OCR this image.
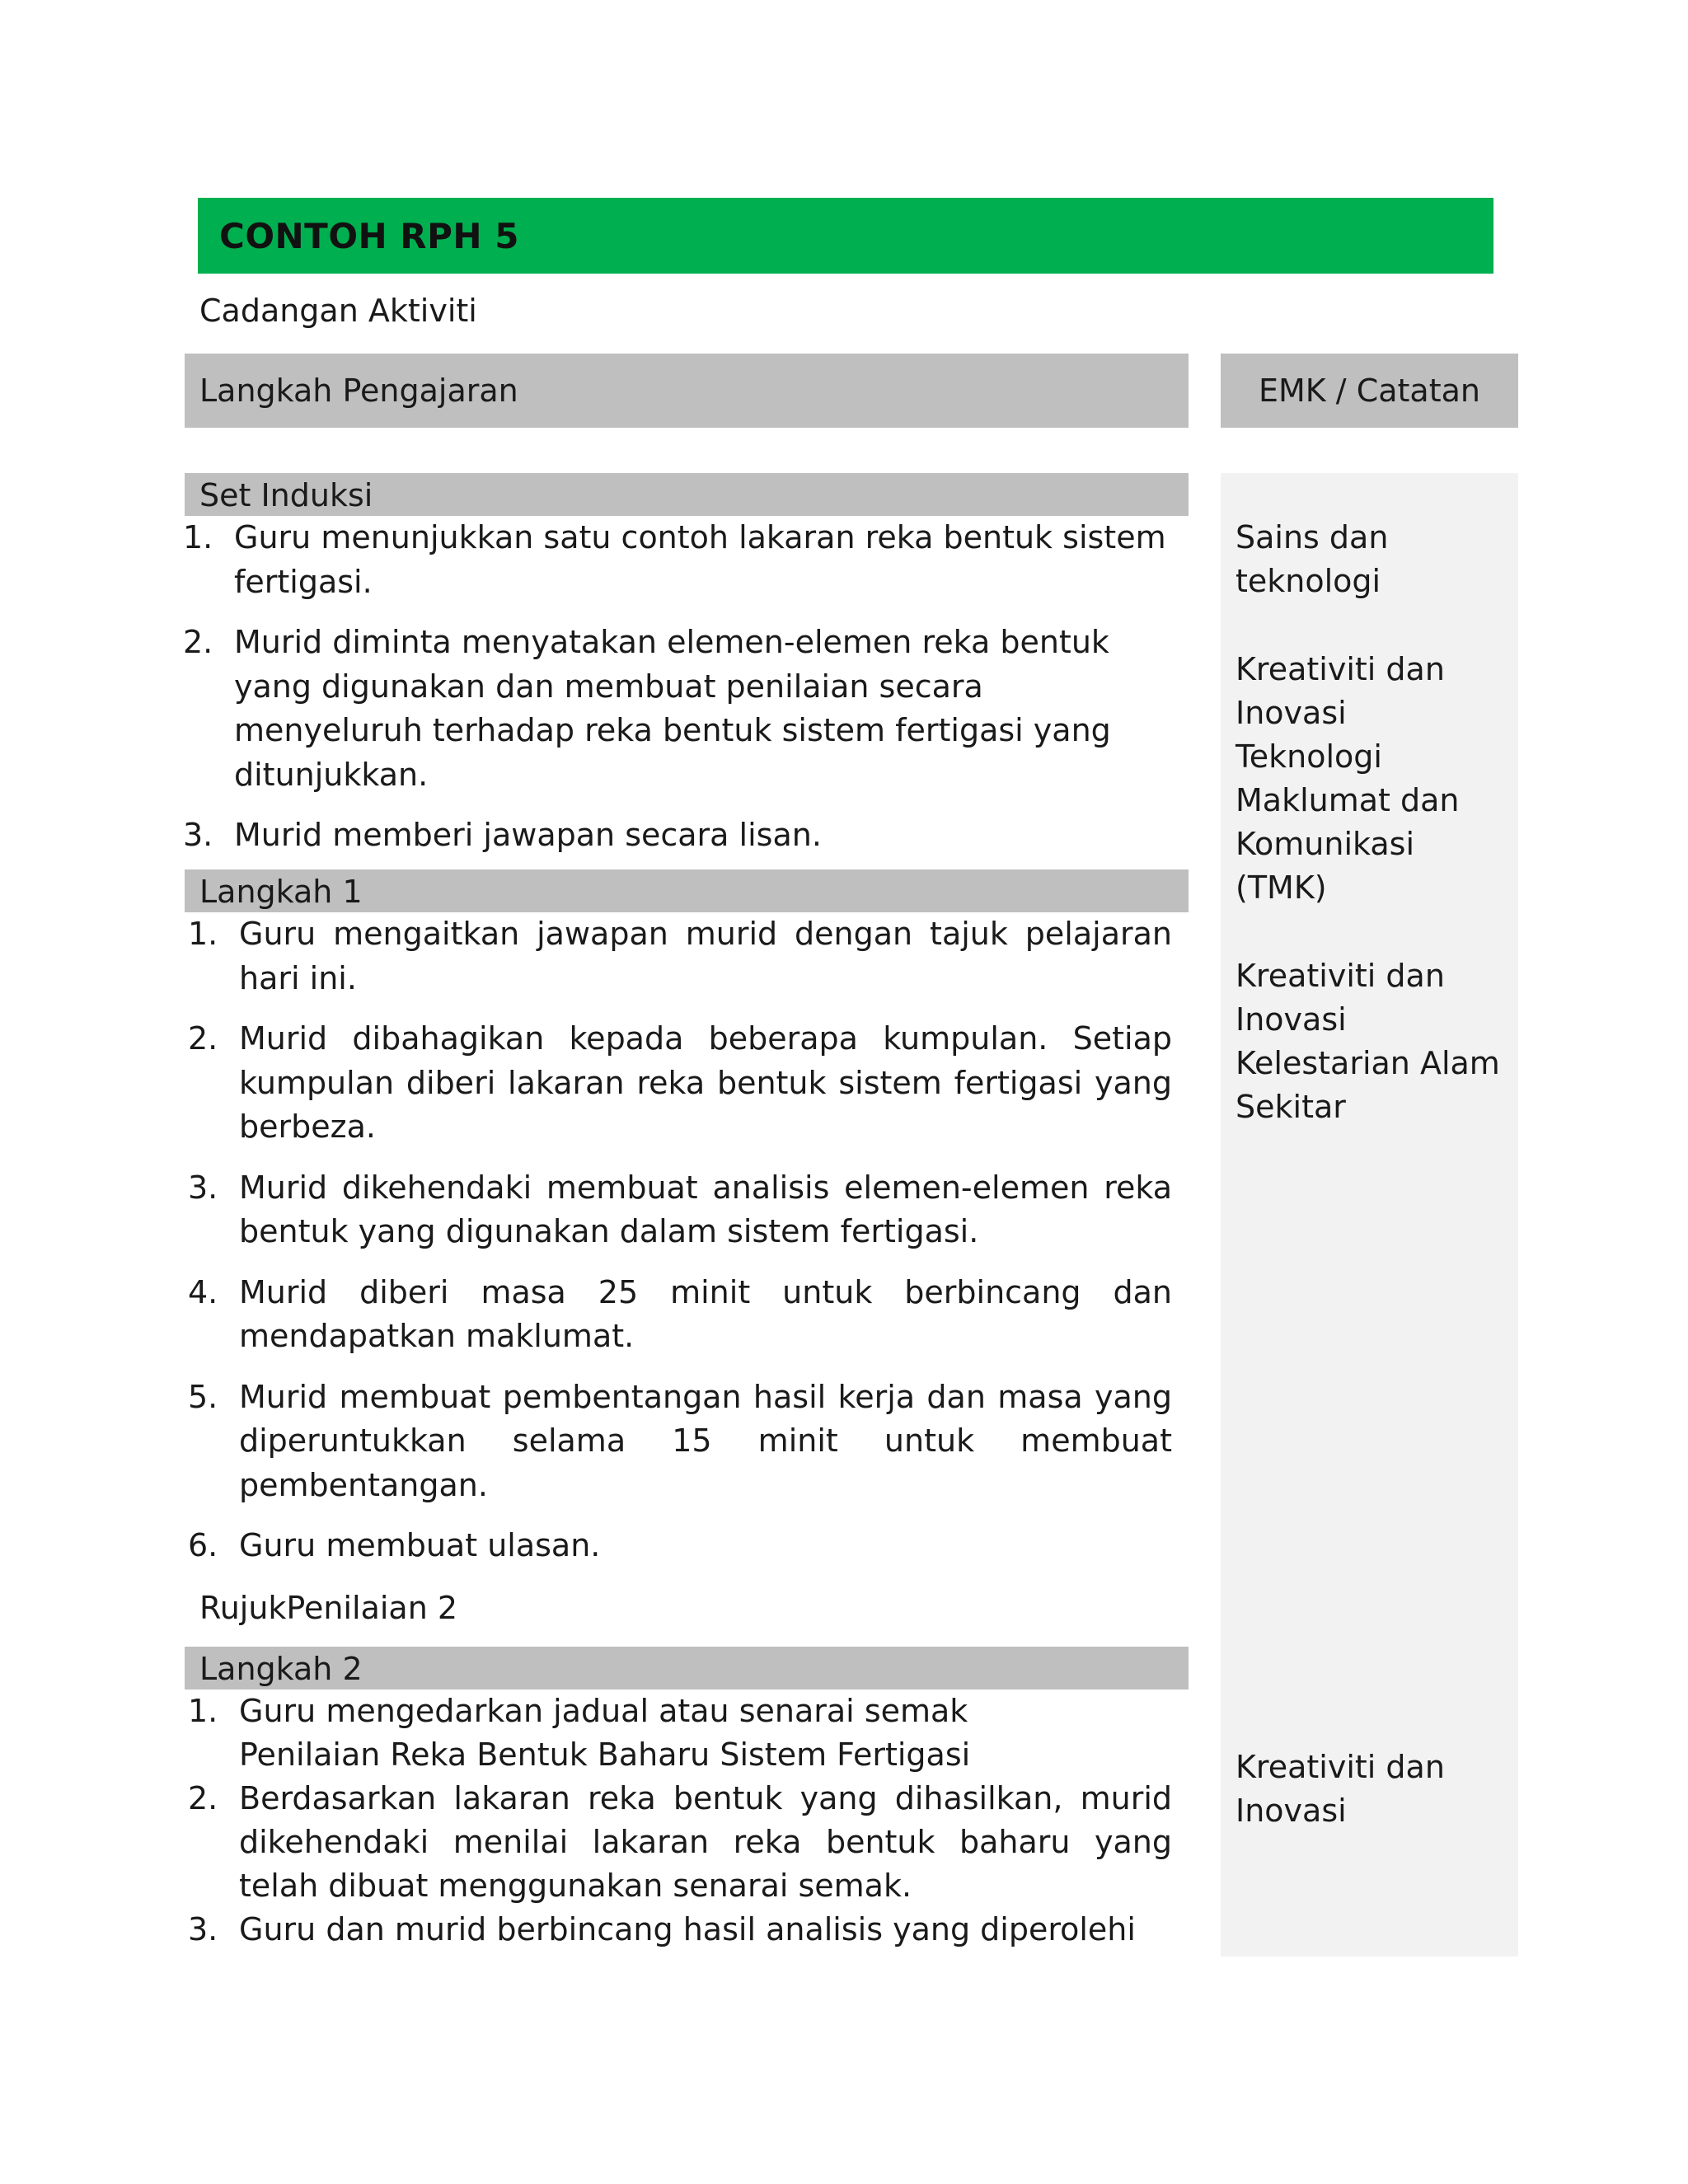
CONTOH RPH 5
Cadangan Aktiviti
Langkah Pengajaran	EMK / Catatan
Sains dan
teknologi
Kreativiti dan
Inovasi
Teknologi
Maklumat dan
Komunikasi (TMK)
Kreativiti dan
Inovasi
Kelestarian Alam
Sekitar
Kreativiti dan
Inovasi
Set Induksi
1. Guru menunjukkan satu contoh lakaran reka bentuk sistem fertigasi.
2. Murid diminta menyatakan elemen-elemen reka bentuk yang digunakan dan membuat penilaian secara menyeluruh terhadap reka bentuk sistem fertigasi yang ditunjukkan.
3. Murid memberi jawapan secara lisan.
Langkah 1
1. Guru mengaitkan jawapan murid dengan tajuk pelajaran hari ini.
2. Murid dibahagikan kepada beberapa kumpulan. Setiap kumpulan diberi lakaran reka bentuk sistem fertigasi yang berbeza.
3. Murid dikehendaki membuat analisis elemen-elemen reka bentuk yang digunakan dalam sistem fertigasi.
4. Murid diberi masa 25 minit untuk berbincang dan mendapatkan maklumat.
5. Murid membuat pembentangan hasil kerja dan masa yang diperuntukkan selama 15 minit untuk membuat pembentangan.
6. Guru membuat ulasan.
RujukPenilaian 2
Langkah 2
1. Guru mengedarkan jadual atau senarai semak Penilaian Reka Bentuk Baharu Sistem Fertigasi
2. Berdasarkan lakaran reka bentuk yang dihasilkan, murid dikehendaki menilai lakaran reka bentuk baharu yang telah dibuat menggunakan senarai semak.
3. Guru dan murid berbincang hasil analisis yang diperolehi
